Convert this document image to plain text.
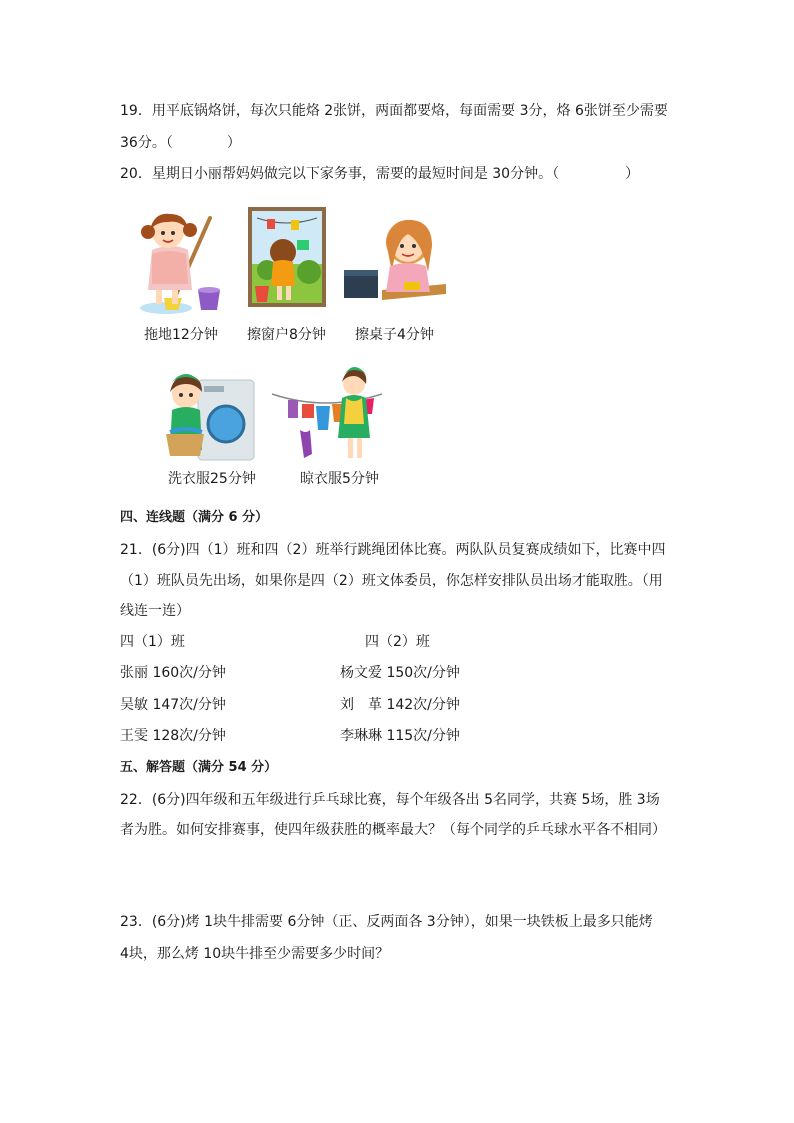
19．用平底锅烙饼，每次只能烙 2张饼，两面都要烙，每面需要 3分，烙 6张饼至少需要
36分。（	）
20．星期日小丽帮妈妈做完以下家务事，需要的最短时间是 30分钟。（	）
拖地12分钟 擦窗户8分钟 擦桌子4分钟
洗衣服25分钟	晾衣服5分钟
四、连线题（满分 6 分）
21．(6分)四（1）班和四（2）班举行跳绳团体比赛。两队队员复赛成绩如下，比赛中四
（1）班队员先出场，如果你是四（2）班文体委员，你怎样安排队员出场才能取胜。（用
线连一连）
四（1）班	四（2）班
张丽 160次/分钟	杨文爱 150次/分钟
吴敏 147次/分钟	刘　革 142次/分钟
王雯 128次/分钟	李琳琳 115次/分钟
五、解答题（满分 54 分）
22．(6分)四年级和五年级进行乒乓球比赛，每个年级各出 5名同学，共赛 5场，胜 3场
者为胜。如何安排赛事，使四年级获胜的概率最大？（每个同学的乒乓球水平各不相同）
23．(6分)烤 1块牛排需要 6分钟（正、反两面各 3分钟），如果一块铁板上最多只能烤
4块，那么烤 10块牛排至少需要多少时间？
